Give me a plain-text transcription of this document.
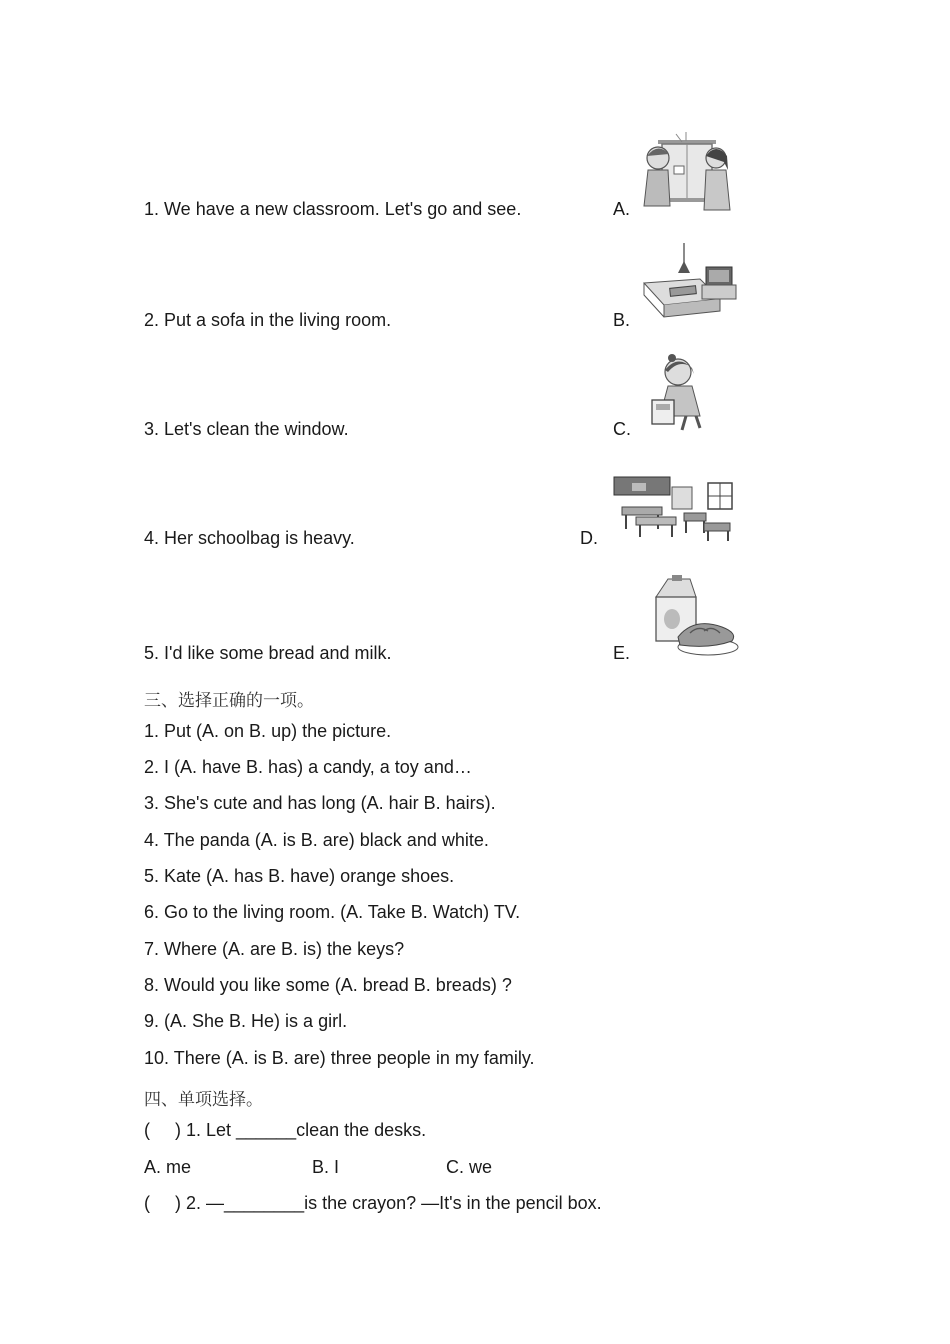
1. We have a new classroom. Let's go and see.
2. Put a sofa in the living room.
3. Let's clean the window.
4. Her schoolbag is heavy.
5. I'd like some bread and milk.
A.
B.
C.
D.
E.
三、选择正确的一项。
1. Put (A. on B. up) the picture.
2. I (A. have B. has) a candy, a toy and…
3. She's cute and has long (A. hair B. hairs).
4. The panda (A. is B. are) black and white.
5. Kate (A. has B. have) orange shoes.
6. Go to the living room. (A. Take B. Watch) TV.
7. Where (A. are B. is) the keys?
8. Would you like some (A. bread B. breads) ?
9. (A. She B. He) is a girl.
10. There (A. is B. are) three people in my family.
四、单项选择。
(     ) 1. Let ______clean the desks.
A. me	B. I	C. we
(     ) 2. —________is the crayon? —It's in the pencil box.
